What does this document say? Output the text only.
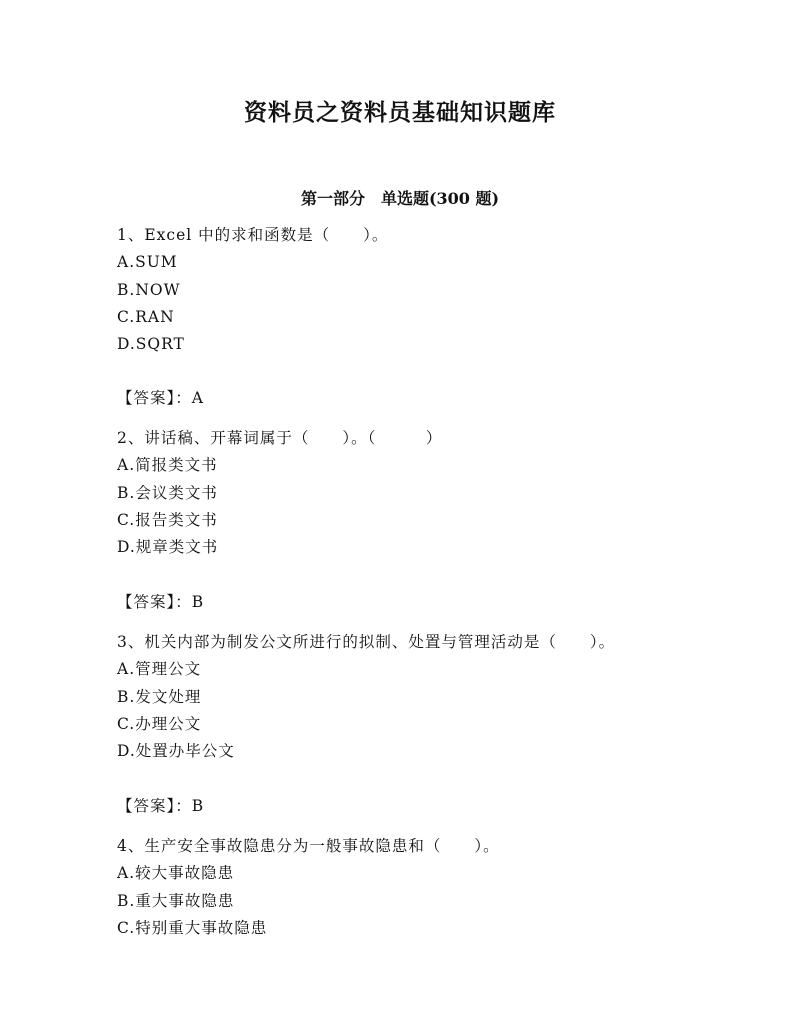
资料员之资料员基础知识题库
第一部分　单选题(300 题)
1、Excel 中的求和函数是（　　）。
A.SUM
B.NOW
C.RAN
D.SQRT
【答案】：A
2、讲话稿、开幕词属于（　　）。（　　　）
A.简报类文书
B.会议类文书
C.报告类文书
D.规章类文书
【答案】：B
3、机关内部为制发公文所进行的拟制、处置与管理活动是（　　）。
A.管理公文
B.发文处理
C.办理公文
D.处置办毕公文
【答案】：B
4、生产安全事故隐患分为一般事故隐患和（　　）。
A.较大事故隐患
B.重大事故隐患
C.特别重大事故隐患
